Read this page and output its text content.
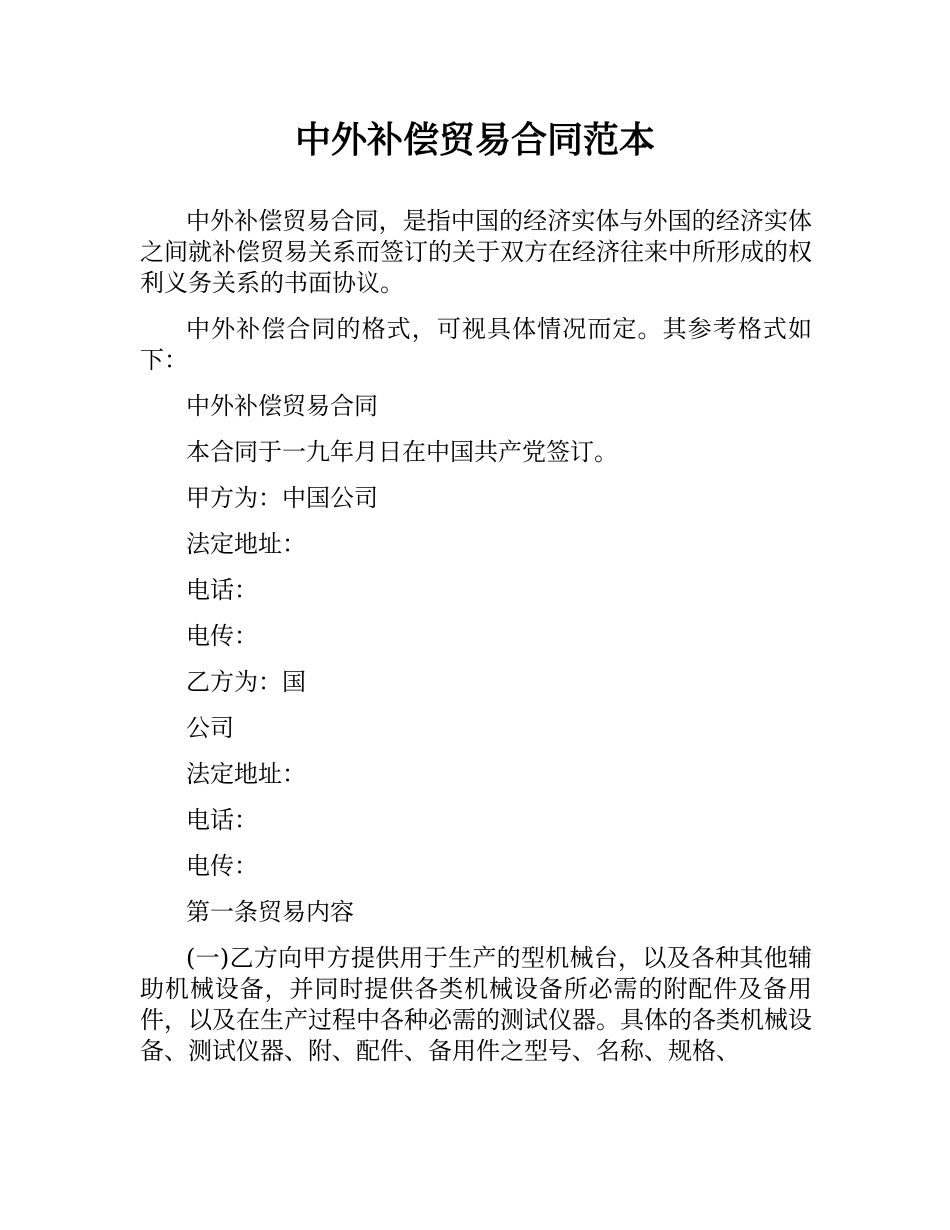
中外补偿贸易合同范本

中外补偿贸易合同，是指中国的经济实体与外国的经济实体之间就补偿贸易关系而签订的关于双方在经济往来中所形成的权利义务关系的书面协议。

中外补偿合同的格式，可视具体情况而定。其参考格式如下：

中外补偿贸易合同

本合同于一九年月日在中国共产党签订。

甲方为：中国公司

法定地址：

电话：

电传：

乙方为：国

公司

法定地址：

电话：

电传：

第一条贸易内容

(一)乙方向甲方提供用于生产的型机械台，以及各种其他辅助机械设备，并同时提供各类机械设备所必需的附配件及备用件，以及在生产过程中各种必需的测试仪器。具体的各类机械设备、测试仪器、附、配件、备用件之型号、名称、规格、
